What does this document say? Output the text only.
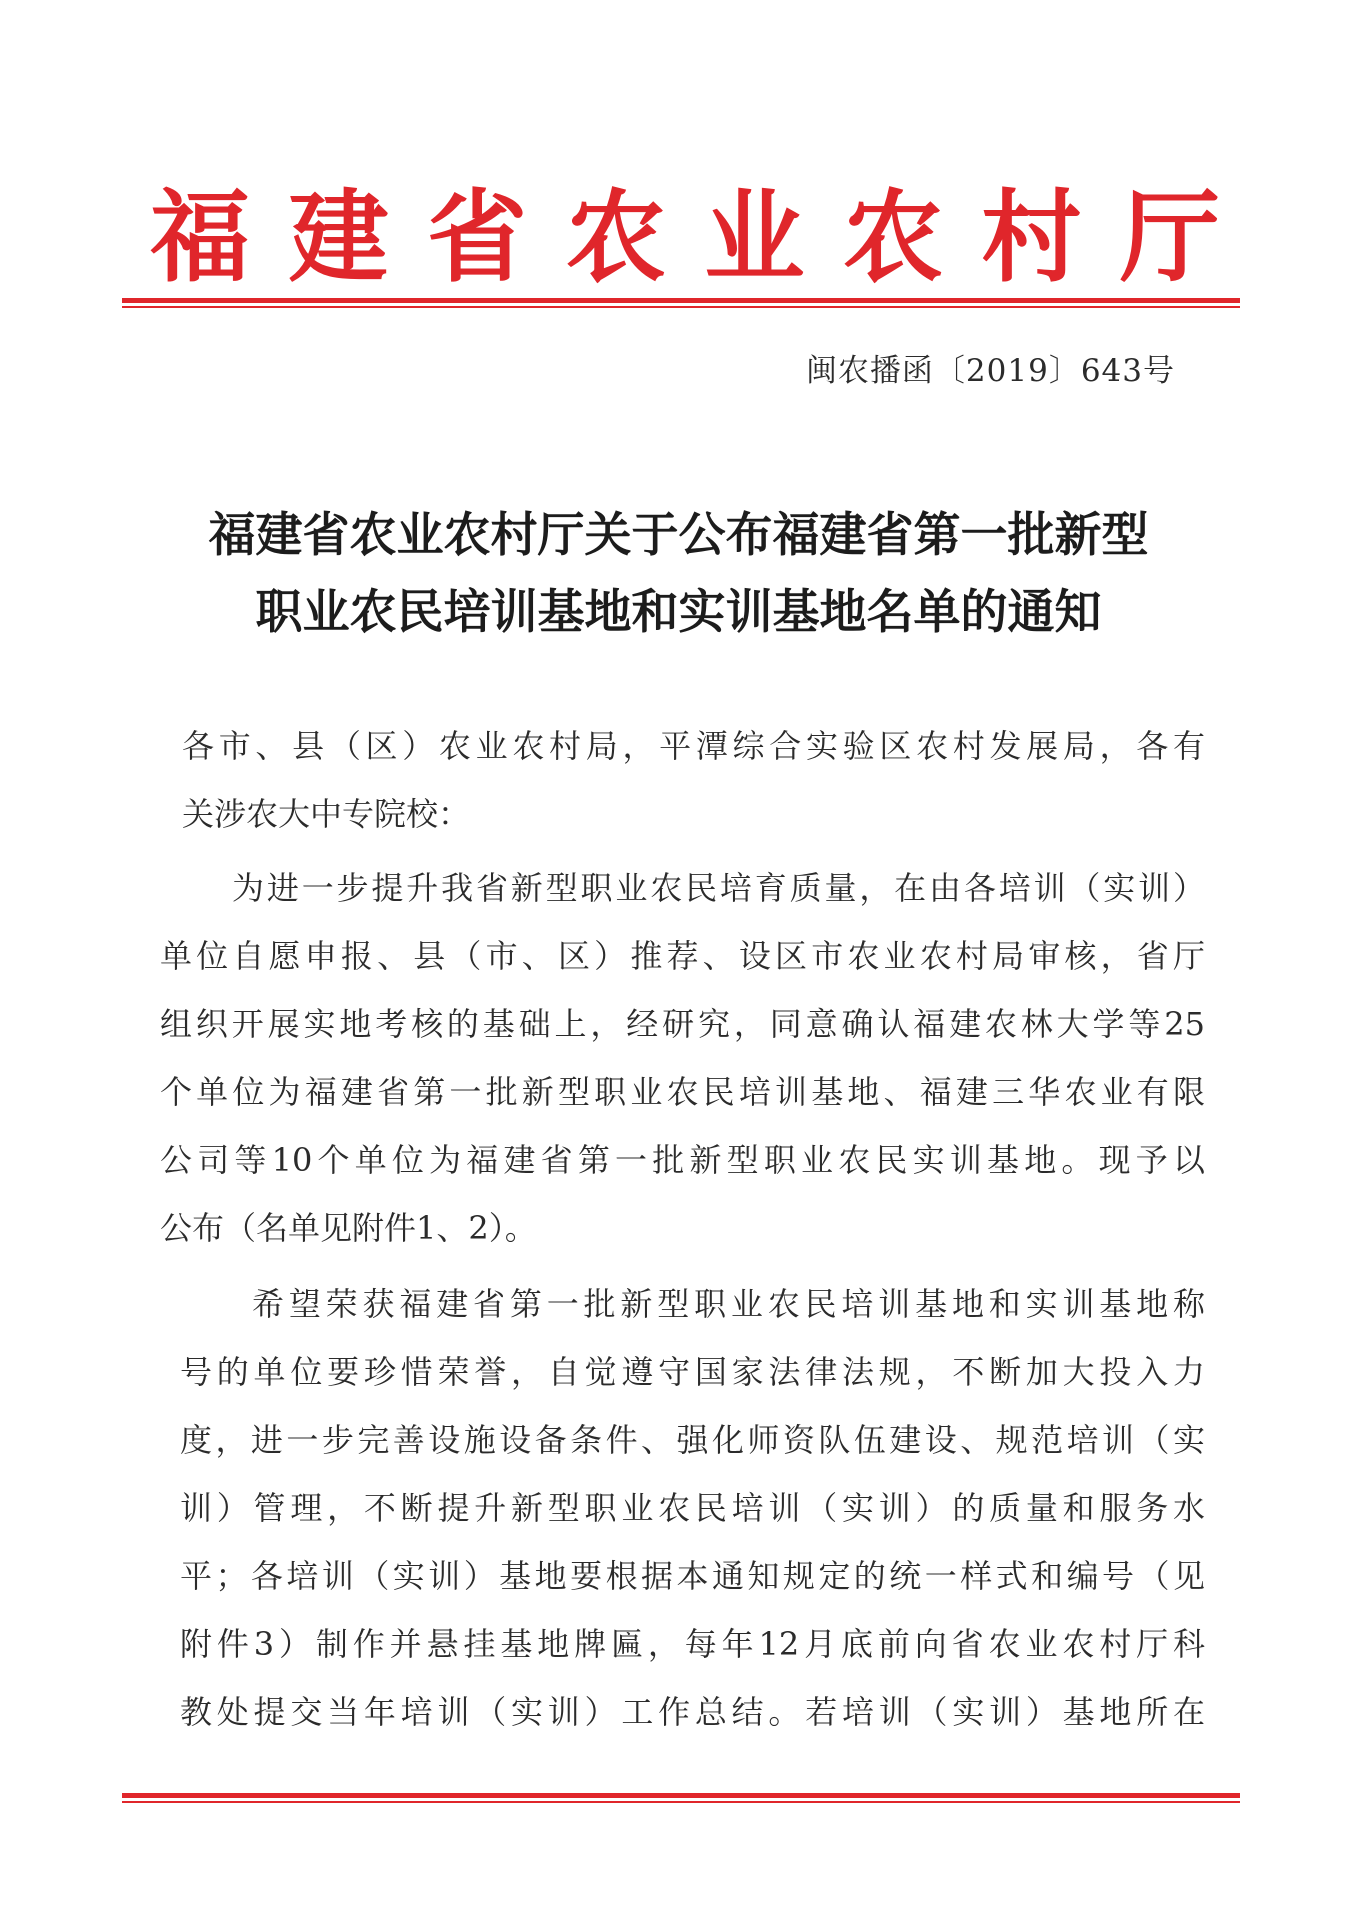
福 建 省 农 业 农 村 厅
闽农播函〔2019〕643号
福建省农业农村厅关于公布福建省第一批新型
职业农民培训基地和实训基地名单的通知
各市、县（区）农业农村局，平潭综合实验区农村发展局，各有
关涉农大中专院校：
为进一步提升我省新型职业农民培育质量，在由各培训（实训）
单位自愿申报、县（市、区）推荐、设区市农业农村局审核，省厅
组织开展实地考核的基础上，经研究，同意确认福建农林大学等25
个单位为福建省第一批新型职业农民培训基地、福建三华农业有限
公司等10个单位为福建省第一批新型职业农民实训基地。现予以
公布（名单见附件1、2）。
希望荣获福建省第一批新型职业农民培训基地和实训基地称
号的单位要珍惜荣誉，自觉遵守国家法律法规，不断加大投入力
度，进一步完善设施设备条件、强化师资队伍建设、规范培训（实
训）管理，不断提升新型职业农民培训（实训）的质量和服务水
平；各培训（实训）基地要根据本通知规定的统一样式和编号（见
附件3）制作并悬挂基地牌匾，每年12月底前向省农业农村厅科
教处提交当年培训（实训）工作总结。若培训（实训）基地所在
